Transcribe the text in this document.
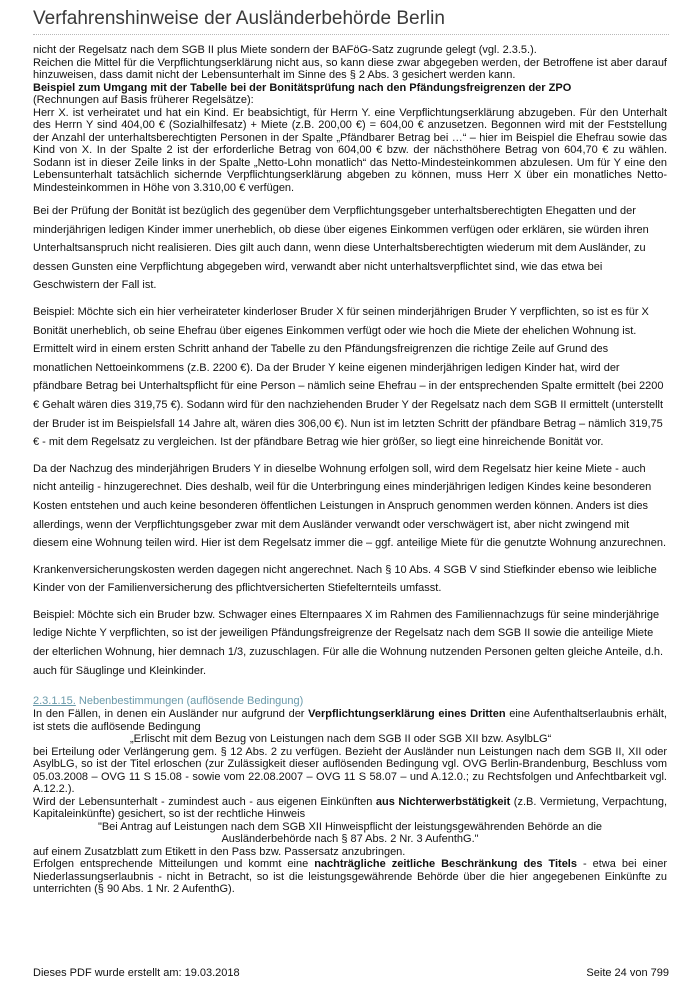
Verfahrenshinweise der Ausländerbehörde Berlin

nicht der Regelsatz nach dem SGB II plus Miete sondern der BAFöG-Satz zugrunde gelegt (vgl. 2.3.5.).

Reichen die Mittel für die Verpflichtungserklärung nicht aus, so kann diese zwar abgegeben werden, der Betroffene ist aber darauf hinzuweisen, dass damit nicht der Lebensunterhalt im Sinne des § 2 Abs. 3 gesichert werden kann.

Beispiel zum Umgang mit der Tabelle bei der Bonitätsprüfung nach den Pfändungsfreigrenzen der ZPO

(Rechnungen auf Basis früherer Regelsätze):

Herr X. ist verheiratet und hat ein Kind. Er beabsichtigt, für Herrn Y. eine Verpflichtungserklärung abzugeben. Für den Unterhalt des Herrn Y sind 404,00 € (Sozialhilfesatz) + Miete (z.B. 200,00 €) = 604,00 € anzusetzen. Begonnen wird mit der Feststellung der Anzahl der unterhaltsberechtigten Personen in der Spalte „Pfändbarer Betrag bei …“ – hier im Beispiel die Ehefrau sowie das Kind von X. In der Spalte 2 ist der erforderliche Betrag von 604,00 € bzw. der nächsthöhere Betrag von 604,70 € zu wählen. Sodann ist in dieser Zeile links in der Spalte „Netto-Lohn monatlich“ das Netto-Mindesteinkommen abzulesen. Um für Y eine den Lebensunterhalt tatsächlich sichernde Verpflichtungserklärung abgeben zu können, muss Herr X über ein monatliches Netto- Mindesteinkommen in Höhe von 3.310,00 € verfügen.

Bei der Prüfung der Bonität ist bezüglich des gegenüber dem Verpflichtungsgeber unterhaltsberechtigten Ehegatten und der minderjährigen ledigen Kinder immer unerheblich, ob diese über eigenes Einkommen verfügen oder erklären, sie würden ihren Unterhaltsanspruch nicht realisieren. Dies gilt auch dann, wenn diese Unterhaltsberechtigten wiederum mit dem Ausländer, zu dessen Gunsten eine Verpflichtung abgegeben wird, verwandt aber nicht unterhaltsverpflichtet sind, wie das etwa bei Geschwistern der Fall ist.

Beispiel: Möchte sich ein hier verheirateter kinderloser Bruder X für seinen minderjährigen Bruder Y verpflichten, so ist es für X Bonität unerheblich, ob seine Ehefrau über eigenes Einkommen verfügt oder wie hoch die Miete der ehelichen Wohnung ist. Ermittelt wird in einem ersten Schritt anhand der Tabelle zu den Pfändungsfreigrenzen die richtige Zeile auf Grund des monatlichen Nettoeinkommens (z.B. 2200 €). Da der Bruder Y keine eigenen minderjährigen ledigen Kinder hat, wird der pfändbare Betrag bei Unterhaltspflicht für eine Person – nämlich seine Ehefrau – in der entsprechenden Spalte ermittelt (bei 2200 € Gehalt wären dies 319,75 €). Sodann wird für den nachziehenden Bruder Y der Regelsatz nach dem SGB II ermittelt (unterstellt der Bruder ist im Beispielsfall 14 Jahre alt, wären dies 306,00 €). Nun ist im letzten Schritt der pfändbare Betrag – nämlich 319,75 € - mit dem Regelsatz zu vergleichen. Ist der pfändbare Betrag wie hier größer, so liegt eine hinreichende Bonität vor.

Da der Nachzug des minderjährigen Bruders Y in dieselbe Wohnung erfolgen soll, wird dem Regelsatz hier keine Miete - auch nicht anteilig - hinzugerechnet. Dies deshalb, weil für die Unterbringung eines minderjährigen ledigen Kindes keine besonderen Kosten entstehen und auch keine besonderen öffentlichen Leistungen in Anspruch genommen werden können. Anders ist dies allerdings, wenn der Verpflichtungsgeber zwar mit dem Ausländer verwandt oder verschwägert ist, aber nicht zwingend mit diesem eine Wohnung teilen wird. Hier ist dem Regelsatz immer die – ggf. anteilige Miete für die genutzte Wohnung anzurechnen.

Krankenversicherungskosten werden dagegen nicht angerechnet. Nach § 10 Abs. 4 SGB V sind Stiefkinder ebenso wie leibliche Kinder von der Familienversicherung des pflichtversicherten Stiefelternteils umfasst.

Beispiel: Möchte sich ein Bruder bzw. Schwager eines Elternpaares X im Rahmen des Familiennachzugs für seine minderjährige ledige Nichte Y verpflichten, so ist der jeweiligen Pfändungsfreigrenze der Regelsatz nach dem SGB II sowie die anteilige Miete der elterlichen Wohnung, hier demnach 1/3, zuzuschlagen. Für alle die Wohnung nutzenden Personen gelten gleiche Anteile, d.h. auch für Säuglinge und Kleinkinder.

2.3.1.15. Nebenbestimmungen (auflösende Bedingung)

In den Fällen, in denen ein Ausländer nur aufgrund der Verpflichtungserklärung eines Dritten eine Aufenthaltserlaubnis erhält, ist stets die auflösende Bedingung

„Erlischt mit dem Bezug von Leistungen nach dem SGB II oder SGB XII bzw. AsylbLG“

bei Erteilung oder Verlängerung gem. § 12 Abs. 2 zu verfügen. Bezieht der Ausländer nun Leistungen nach dem SGB II, XII oder AsylbLG, so ist der Titel erloschen (zur Zulässigkeit dieser auflösenden Bedingung vgl. OVG Berlin-Brandenburg, Beschluss vom 05.03.2008 – OVG 11 S 15.08 - sowie vom 22.08.2007 – OVG 11 S 58.07 – und A.12.0.; zu Rechtsfolgen und Anfechtbarkeit vgl. A.12.2.).

Wird der Lebensunterhalt - zumindest auch - aus eigenen Einkünften aus Nichterwerbstätigkeit (z.B. Vermietung, Verpachtung, Kapitaleinkünfte) gesichert, so ist der rechtliche Hinweis

"Bei Antrag auf Leistungen nach dem SGB XII Hinweispflicht der leistungsgewährenden Behörde an die Ausländerbehörde nach § 87 Abs. 2 Nr. 3 AufenthG."

auf einem Zusatzblatt zum Etikett in den Pass bzw. Passersatz anzubringen.

Erfolgen entsprechende Mitteilungen und kommt eine nachträgliche zeitliche Beschränkung des Titels - etwa bei einer Niederlassungserlaubnis - nicht in Betracht, so ist die leistungsgewährende Behörde über die hier angegebenen Einkünfte zu unterrichten (§ 90 Abs. 1 Nr. 2 AufenthG).

Dieses PDF wurde erstellt am: 19.03.2018	Seite 24 von 799
